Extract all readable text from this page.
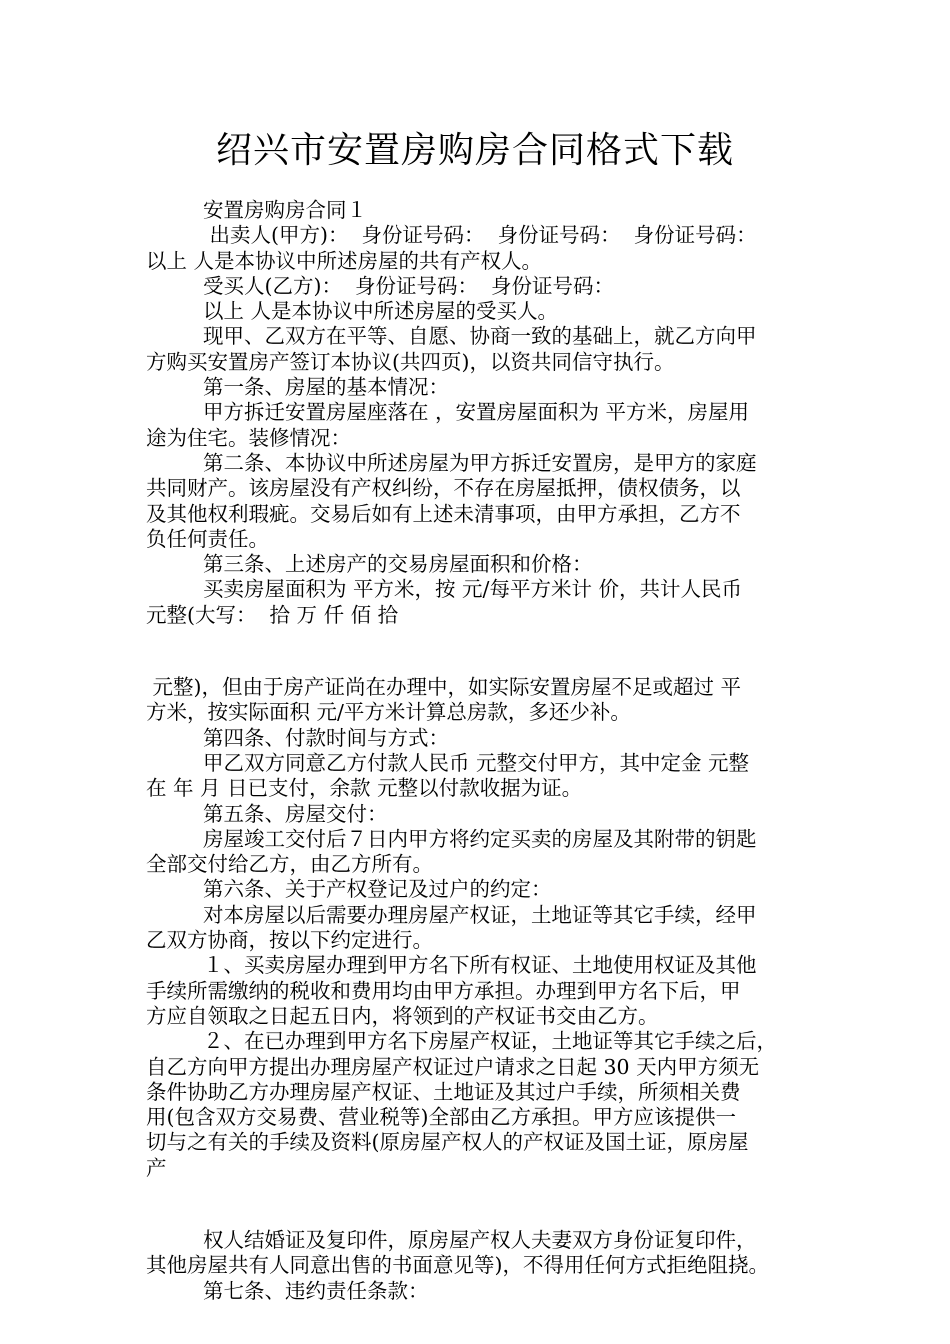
绍兴市安置房购房合同格式下载
安置房购房合同１
出卖人(甲方)：  身份证号码：  身份证号码：  身份证号码：
以上 人是本协议中所述房屋的共有产权人。
受买人(乙方)：  身份证号码：  身份证号码：
以上 人是本协议中所述房屋的受买人。
现甲、乙双方在平等、自愿、协商一致的基础上，就乙方向甲
方购买安置房产签订本协议(共四页)，以资共同信守执行。
第一条、房屋的基本情况：
甲方拆迁安置房屋座落在 ，安置房屋面积为 平方米，房屋用
途为住宅。装修情况：
第二条、本协议中所述房屋为甲方拆迁安置房，是甲方的家庭
共同财产。该房屋没有产权纠纷，不存在房屋抵押，债权债务，以
及其他权利瑕疵。交易后如有上述未清事项，由甲方承担，乙方不
负任何责任。
第三条、上述房产的交易房屋面积和价格：
买卖房屋面积为 平方米，按 元/每平方米计 价，共计人民币
元整(大写：  拾 万 仟 佰 拾
元整)，但由于房产证尚在办理中，如实际安置房屋不足或超过 平
方米，按实际面积 元/平方米计算总房款，多还少补。
第四条、付款时间与方式：
甲乙双方同意乙方付款人民币 元整交付甲方，其中定金 元整
在 年 月 日已支付，余款 元整以付款收据为证。
第五条、房屋交付：
房屋竣工交付后７日内甲方将约定买卖的房屋及其附带的钥匙
全部交付给乙方，由乙方所有。
第六条、关于产权登记及过户的约定：
对本房屋以后需要办理房屋产权证，土地证等其它手续，经甲
乙双方协商，按以下约定进行。
１、买卖房屋办理到甲方名下所有权证、土地使用权证及其他
手续所需缴纳的税收和费用均由甲方承担。办理到甲方名下后，甲
方应自领取之日起五日内，将领到的产权证书交由乙方。
２、在已办理到甲方名下房屋产权证，土地证等其它手续之后，
自乙方向甲方提出办理房屋产权证过户请求之日起 30 天内甲方须无
条件协助乙方办理房屋产权证、土地证及其过户手续，所须相关费
用(包含双方交易费、营业税等)全部由乙方承担。甲方应该提供一
切与之有关的手续及资料(原房屋产权人的产权证及国土证，原房屋
产
权人结婚证及复印件，原房屋产权人夫妻双方身份证复印件，
其他房屋共有人同意出售的书面意见等)，不得用任何方式拒绝阻挠。
第七条、违约责任条款：
